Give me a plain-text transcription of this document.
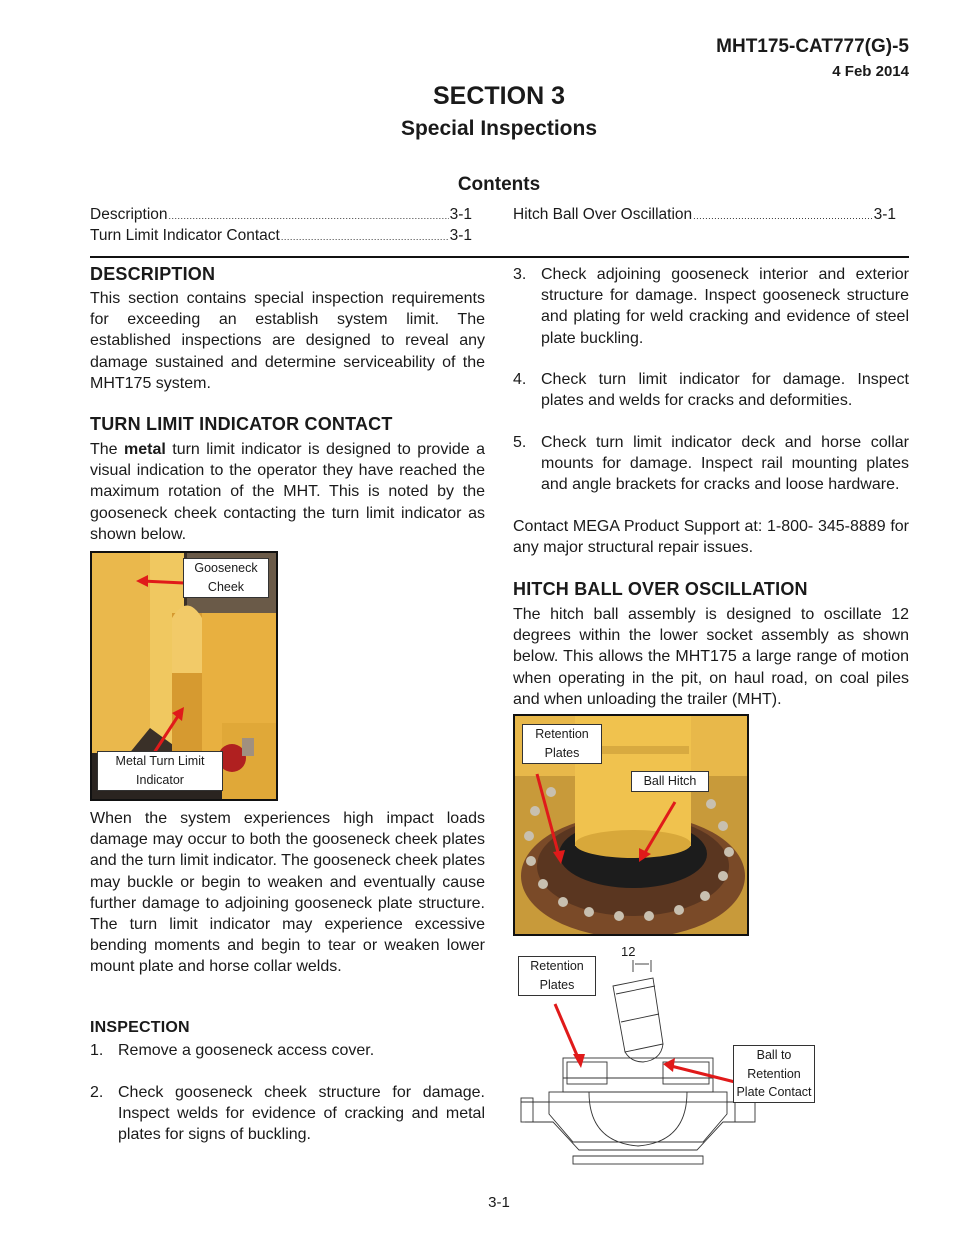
MHT175-CAT777(G)-5
4 Feb 2014
SECTION 3
Special Inspections
Contents
Description .....	3-1
Turn Limit Indicator Contact .....	3-1
Hitch Ball Over Oscillation .....	3-1
DESCRIPTION
This section contains special inspection requirements for exceeding an establish system limit. The established inspections are designed to reveal any damage sustained and determine serviceability of the MHT175 system.
TURN LIMIT INDICATOR CONTACT
The metal turn limit indicator is designed to provide a visual indication to the operator they have reached the maximum rotation of the MHT. This is noted by the gooseneck cheek contacting the turn limit indicator as shown below.
Gooseneck Cheek
Metal Turn Limit Indicator
When the system experiences high impact loads damage may occur to both the gooseneck cheek plates and the turn limit indicator. The gooseneck cheek plates may buckle or begin to weaken and eventually cause further damage to adjoining gooseneck plate structure. The turn limit indicator may experience excessive bending moments and begin to tear or weaken lower mount plate and horse collar welds.
INSPECTION
1. Remove a gooseneck access cover.
2. Check gooseneck cheek structure for damage. Inspect welds for evidence of cracking and metal plates for signs of buckling.
3. Check adjoining gooseneck interior and exterior structure for damage. Inspect gooseneck structure and plating for weld cracking and evidence of steel plate buckling.
4. Check turn limit indicator for damage. Inspect plates and welds for cracks and deformities.
5. Check turn limit indicator deck and horse collar mounts for damage. Inspect rail mounting plates and angle brackets for cracks and loose hardware.
Contact MEGA Product Support at: 1-800- 345-8889 for any major structural repair issues.
HITCH BALL OVER OSCILLATION
The hitch ball assembly is designed to oscillate 12 degrees within the lower socket assembly as shown below. This allows the MHT175 a large range of motion when operating in the pit, on haul road, on coal piles and when unloading the trailer (MHT).
Retention Plates
Ball Hitch
12
Retention Plates
Ball to Retention Plate Contact
3-1
